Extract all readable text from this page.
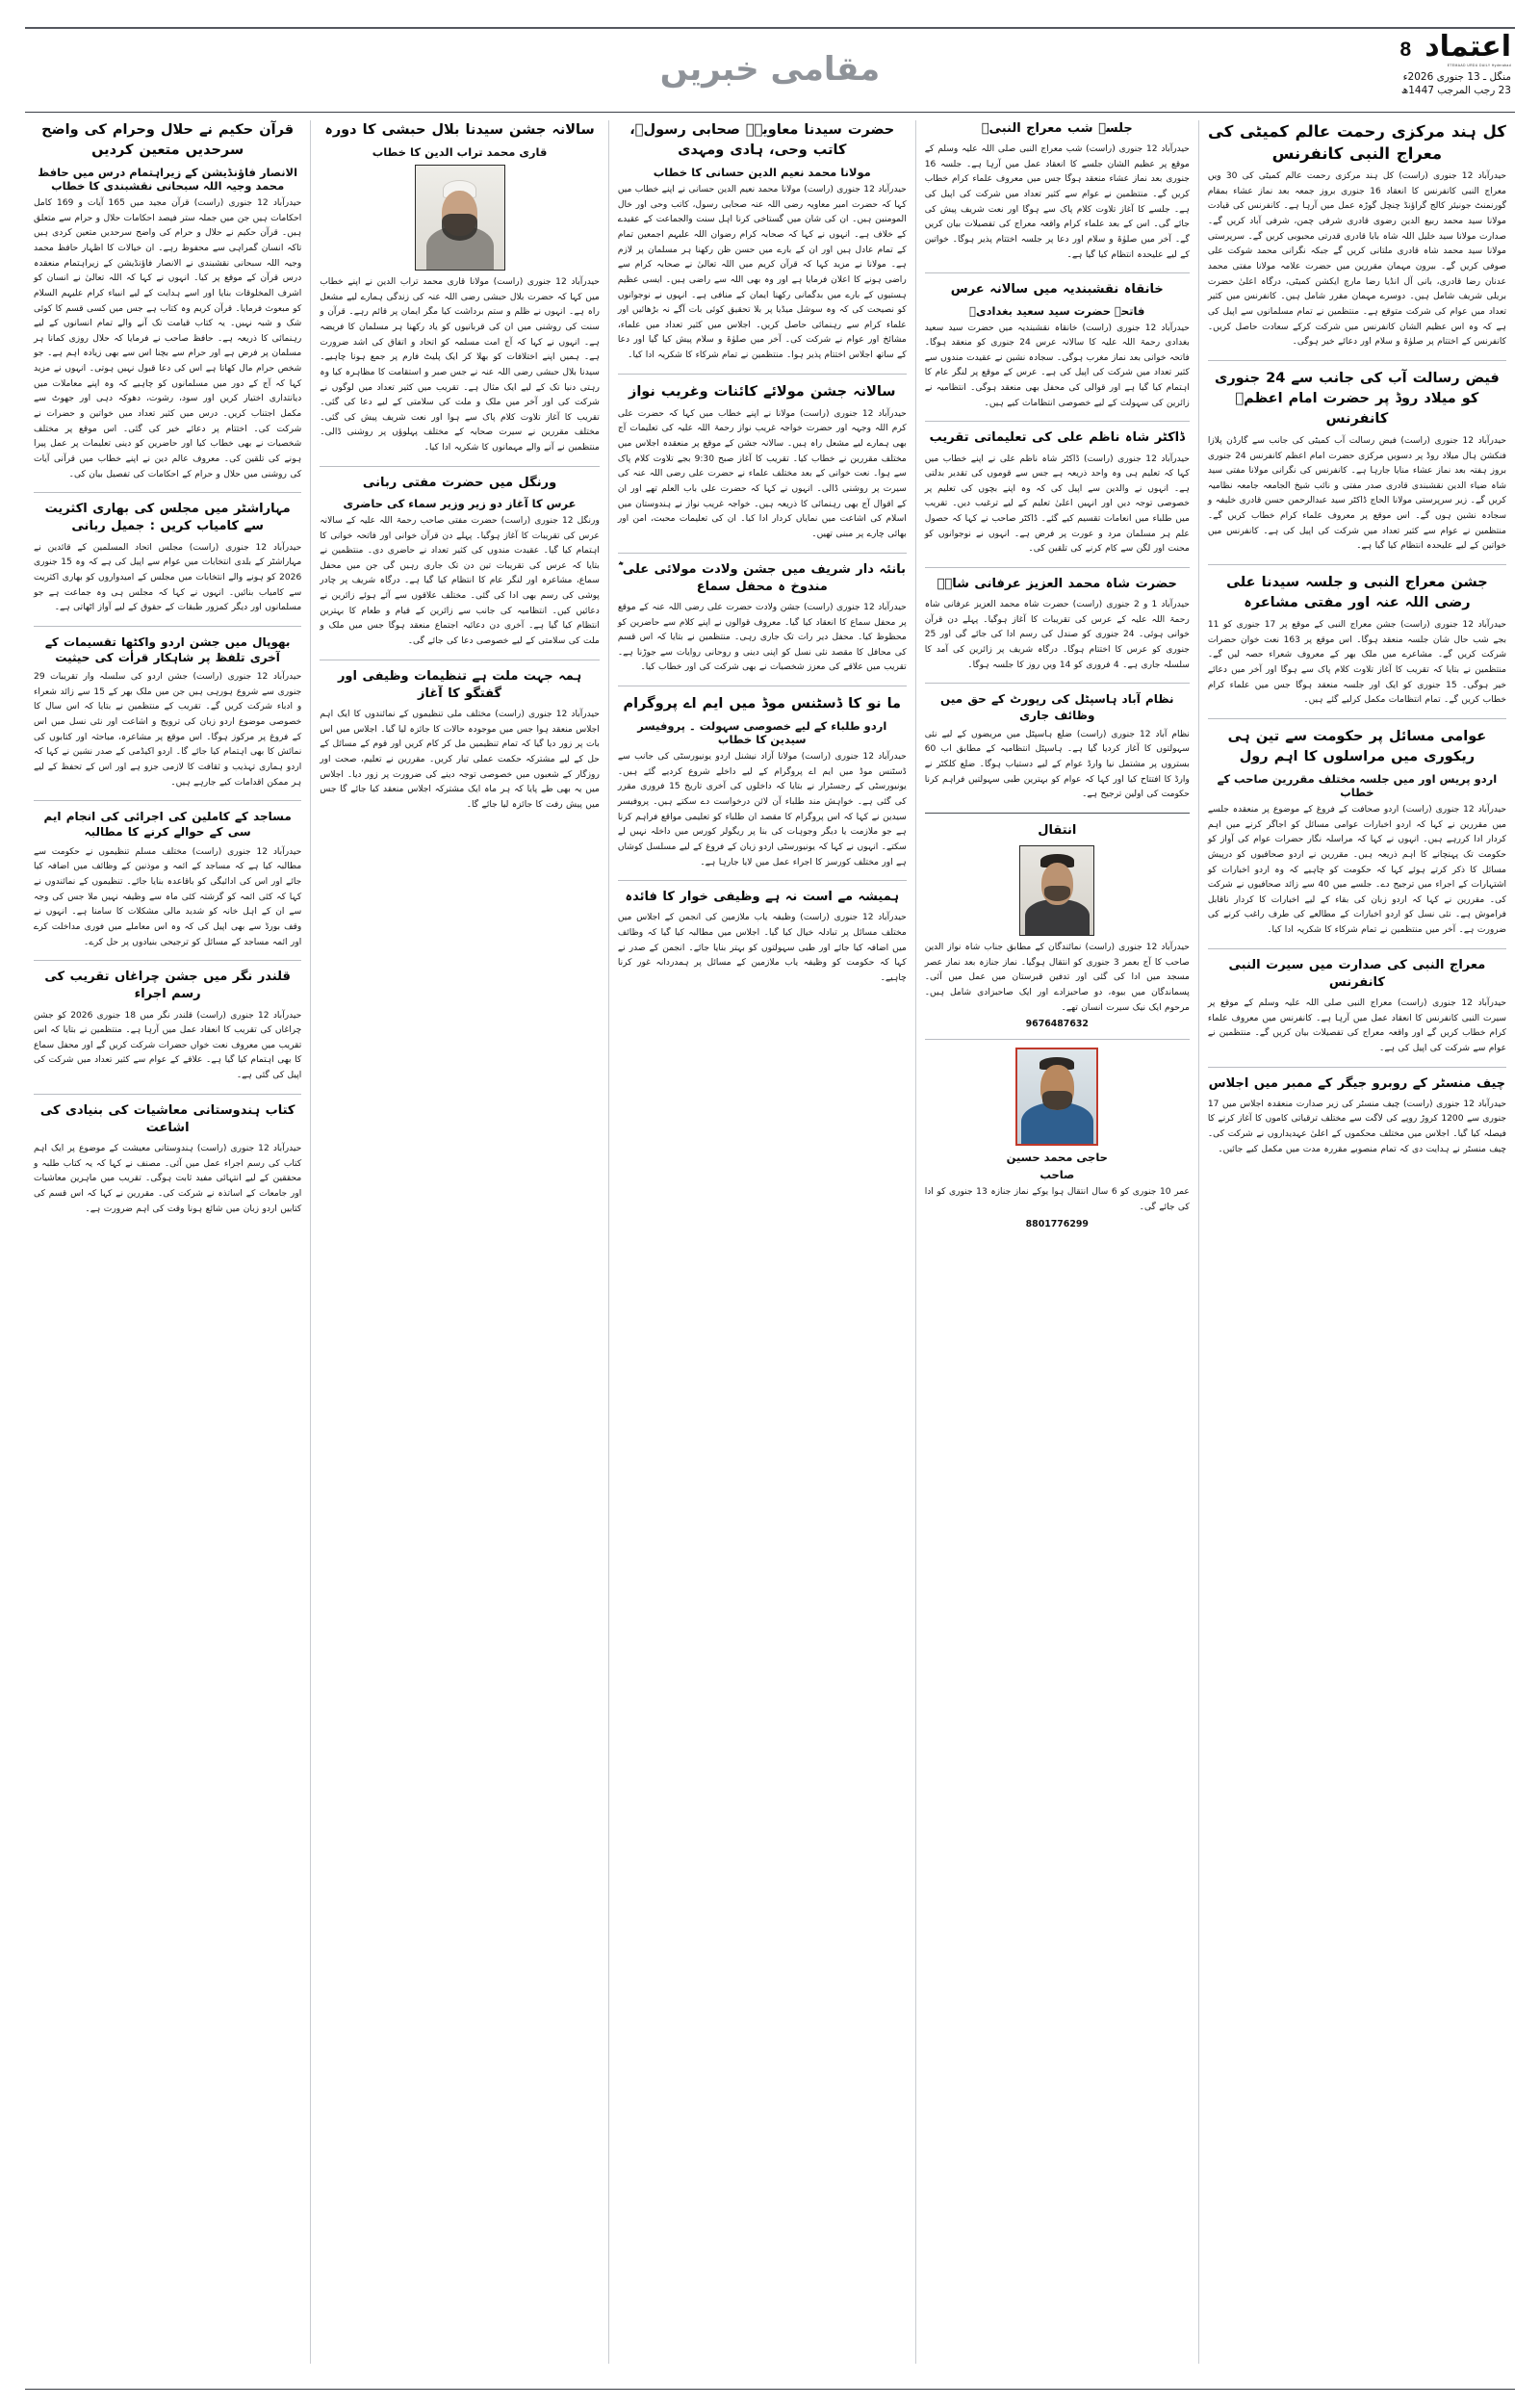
اعتماد
8
ETEMAAD URDU DAILY Hyderabad
منگل ـ 13 جنوری 2026ء
23 رجب المرجب 1447ھ
مقامی خبریں
کل ہند مرکزی رحمت عالم کمیٹی کی معراج النبی کانفرنس

حیدرآباد 12 جنوری (راست) کل ہند مرکزی رحمت عالم کمیٹی کی 30 ویں معراج النبی کانفرنس کا انعقاد 16 جنوری بروز جمعہ بعد نماز عشاء بمقام گورنمنٹ جونیئر کالج گراؤنڈ چنچل گوڑہ عمل میں آرہا ہے۔ کانفرنس کی قیادت مولانا سید محمد ربیع الدین رضوی قادری شرفی چمن، شرفی آباد کریں گے۔ صدارت مولانا سید خلیل اللہ شاہ بابا قادری قدرتی محبوبی کریں گے۔ سرپرستی مولانا سید محمد شاہ قادری ملتانی کریں گے جبکہ نگرانی محمد شوکت علی صوفی کریں گے۔ بیرون مہمان مقررین میں حضرت علامہ مولانا مفتی محمد عدنان رضا قادری، بانی آل انڈیا رضا مارچ ایکشن کمیٹی، درگاہ اعلیٰ حضرت بریلی شریف شامل ہیں۔ دوسرے مہمان مقرر شامل ہیں۔ کانفرنس میں کثیر تعداد میں عوام کی شرکت متوقع ہے۔ منتظمین نے تمام مسلمانوں سے اپیل کی ہے کہ وہ اس عظیم الشان کانفرنس میں شرکت کرکے سعادت حاصل کریں۔ کانفرنس کے اختتام پر صلوٰۃ و سلام اور دعائے خیر ہوگی۔

فیض رسالت آب کی جانب سے 24 جنوری کو میلاد روڈ پر حضرت امام اعظمؒ کانفرنس

حیدرآباد 12 جنوری (راست) فیض رسالت آب کمیٹی کی جانب سے گارڈن پلازا فنکشن ہال میلاد روڈ پر دسویں مرکزی حضرت امام اعظم کانفرنس 24 جنوری بروز ہفتہ بعد نماز عشاء منایا جارہا ہے۔ کانفرنس کی نگرانی مولانا مفتی سید شاہ ضیاء الدین نقشبندی قادری صدر مفتی و نائب شیخ الجامعہ جامعہ نظامیہ کریں گے۔ زیر سرپرستی مولانا الحاج ڈاکٹر سید عبدالرحمن حسن قادری خلیفہ و سجادہ نشین ہوں گے۔ اس موقع پر معروف علماء کرام خطاب کریں گے۔ منتظمین نے عوام سے کثیر تعداد میں شرکت کی اپیل کی ہے۔ کانفرنس میں خواتین کے لیے علیحدہ انتظام کیا گیا ہے۔

جشن معراج النبی و جلسہ سیدنا علی رضی اللہ عنہ اور مفتی مشاعرہ

حیدرآباد 12 جنوری (راست) جشن معراج النبی کے موقع پر 17 جنوری کو 11 بجے شب حال شان جلسہ منعقد ہوگا۔ اس موقع پر 163 نعت خوان حضرات شرکت کریں گے۔ مشاعرے میں ملک بھر کے معروف شعراء حصہ لیں گے۔ منتظمین نے بتایا کہ تقریب کا آغاز تلاوت کلام پاک سے ہوگا اور آخر میں دعائے خیر ہوگی۔ 15 جنوری کو ایک اور جلسہ منعقد ہوگا جس میں علماء کرام خطاب کریں گے۔ تمام انتظامات مکمل کرلیے گئے ہیں۔

عوامی مسائل پر حکومت سے تین ہی ریکوری میں مراسلوں کا اہم رول
اردو پریس اور میں جلسہ مختلف مقررین صاحب کے خطاب

حیدرآباد 12 جنوری (راست) اردو صحافت کے فروغ کے موضوع پر منعقدہ جلسے میں مقررین نے کہا کہ اردو اخبارات عوامی مسائل کو اجاگر کرنے میں اہم کردار ادا کررہے ہیں۔ انہوں نے کہا کہ مراسلہ نگار حضرات عوام کی آواز کو حکومت تک پہنچانے کا اہم ذریعہ ہیں۔ مقررین نے اردو صحافیوں کو درپیش مسائل کا ذکر کرتے ہوئے کہا کہ حکومت کو چاہیے کہ وہ اردو اخبارات کو اشتہارات کے اجراء میں ترجیح دے۔ جلسے میں 40 سے زائد صحافیوں نے شرکت کی۔ مقررین نے کہا کہ اردو زبان کی بقاء کے لیے اخبارات کا کردار ناقابل فراموش ہے۔ نئی نسل کو اردو اخبارات کے مطالعے کی طرف راغب کرنے کی ضرورت ہے۔ آخر میں منتظمین نے تمام شرکاء کا شکریہ ادا کیا۔

معراج النبی کی صدارت میں سیرت النبی کانفرنس

حیدرآباد 12 جنوری (راست) معراج النبی صلی اللہ علیہ وسلم کے موقع پر سیرت النبی کانفرنس کا انعقاد عمل میں آرہا ہے۔ کانفرنس میں معروف علماء کرام خطاب کریں گے اور واقعہ معراج کی تفصیلات بیان کریں گے۔ منتظمین نے عوام سے شرکت کی اپیل کی ہے۔

چیف منسٹر کے روبرو جیگر کے ممبر میں اجلاس

حیدرآباد 12 جنوری (راست) چیف منسٹر کی زیر صدارت منعقدہ اجلاس میں 17 جنوری سے 1200 کروڑ روپے کی لاگت سے مختلف ترقیاتی کاموں کا آغاز کرنے کا فیصلہ کیا گیا۔ اجلاس میں مختلف محکموں کے اعلیٰ عہدیداروں نے شرکت کی۔ چیف منسٹر نے ہدایت دی کہ تمام منصوبے مقررہ مدت میں مکمل کیے جائیں۔

جلسہ شب معراج النبیؐ

حیدرآباد 12 جنوری (راست) شب معراج النبی صلی اللہ علیہ وسلم کے موقع پر عظیم الشان جلسے کا انعقاد عمل میں آرہا ہے۔ جلسہ 16 جنوری بعد نماز عشاء منعقد ہوگا جس میں معروف علماء کرام خطاب کریں گے۔ منتظمین نے عوام سے کثیر تعداد میں شرکت کی اپیل کی ہے۔ جلسے کا آغاز تلاوت کلام پاک سے ہوگا اور نعت شریف پیش کی جائے گی۔ اس کے بعد علماء کرام واقعہ معراج کی تفصیلات بیان کریں گے۔ آخر میں صلوٰۃ و سلام اور دعا پر جلسہ اختتام پذیر ہوگا۔ خواتین کے لیے علیحدہ انتظام کیا گیا ہے۔

خانقاہ نقشبندیہ میں سالانہ عرس
فاتحہ حضرت سید سعید بغدادیؒ

حیدرآباد 12 جنوری (راست) خانقاہ نقشبندیہ میں حضرت سید سعید بغدادی رحمۃ اللہ علیہ کا سالانہ عرس 24 جنوری کو منعقد ہوگا۔ فاتحہ خوانی بعد نماز مغرب ہوگی۔ سجادہ نشین نے عقیدت مندوں سے کثیر تعداد میں شرکت کی اپیل کی ہے۔ عرس کے موقع پر لنگر عام کا اہتمام کیا گیا ہے اور قوالی کی محفل بھی منعقد ہوگی۔ انتظامیہ نے زائرین کی سہولت کے لیے خصوصی انتظامات کیے ہیں۔

ڈاکٹر شاہ ناظم علی کی تعلیماتی تقریب

حیدرآباد 12 جنوری (راست) ڈاکٹر شاہ ناظم علی نے اپنے خطاب میں کہا کہ تعلیم ہی وہ واحد ذریعہ ہے جس سے قوموں کی تقدیر بدلتی ہے۔ انہوں نے والدین سے اپیل کی کہ وہ اپنے بچوں کی تعلیم پر خصوصی توجہ دیں اور انہیں اعلیٰ تعلیم کے لیے ترغیب دیں۔ تقریب میں طلباء میں انعامات تقسیم کیے گئے۔ ڈاکٹر صاحب نے کہا کہ حصول علم ہر مسلمان مرد و عورت پر فرض ہے۔ انہوں نے نوجوانوں کو محنت اور لگن سے کام کرنے کی تلقین کی۔

حضرت شاہ محمد العزیز عرفانی شاہؒ

حیدرآباد 1 و 2 جنوری (راست) حضرت شاہ محمد العزیز عرفانی شاہ رحمۃ اللہ علیہ کے عرس کی تقریبات کا آغاز ہوگیا۔ پہلے دن قرآن خوانی ہوئی۔ 24 جنوری کو صندل کی رسم ادا کی جائے گی اور 25 جنوری کو عرس کا اختتام ہوگا۔ درگاہ شریف پر زائرین کی آمد کا سلسلہ جاری ہے۔ 4 فروری کو 14 ویں روز کا جلسہ ہوگا۔

نظام آباد ہاسپٹل کی رپورٹ کے حق میں وظائف جاری

نظام آباد 12 جنوری (راست) ضلع ہاسپٹل میں مریضوں کے لیے نئی سہولتوں کا آغاز کردیا گیا ہے۔ ہاسپٹل انتظامیہ کے مطابق اب 60 بستروں پر مشتمل نیا وارڈ عوام کے لیے دستیاب ہوگا۔ ضلع کلکٹر نے وارڈ کا افتتاح کیا اور کہا کہ عوام کو بہترین طبی سہولتیں فراہم کرنا حکومت کی اولین ترجیح ہے۔

انتقال

حیدرآباد 12 جنوری (راست) نمائندگان کے مطابق جناب شاہ نواز الدین صاحب کا آج بعمر 3 جنوری کو انتقال ہوگیا۔ نماز جنازہ بعد نماز عصر مسجد میں ادا کی گئی اور تدفین قبرستان میں عمل میں آئی۔ پسماندگان میں بیوہ، دو صاحبزادے اور ایک صاحبزادی شامل ہیں۔ مرحوم ایک نیک سیرت انسان تھے۔

9676487632
حاجی محمد حسین
صاحب

عمر 10 جنوری کو 6 سال انتقال ہوا یوکے نماز جنازہ 13 جنوری کو ادا کی جائے گی۔

8801776299
حضرت سیدنا معاویہؓ صحابی رسولؐ، کاتب وحی، ہادی ومہدی
مولانا محمد نعیم الدین حسانی کا خطاب

حیدرآباد 12 جنوری (راست) مولانا محمد نعیم الدین حسانی نے اپنے خطاب میں کہا کہ حضرت امیر معاویہ رضی اللہ عنہ صحابی رسول، کاتب وحی اور خال المومنین ہیں۔ ان کی شان میں گستاخی کرنا اہل سنت والجماعت کے عقیدے کے خلاف ہے۔ انہوں نے کہا کہ صحابہ کرام رضوان اللہ علیہم اجمعین تمام کے تمام عادل ہیں اور ان کے بارے میں حسن ظن رکھنا ہر مسلمان پر لازم ہے۔ مولانا نے مزید کہا کہ قرآن کریم میں اللہ تعالیٰ نے صحابہ کرام سے راضی ہونے کا اعلان فرمایا ہے اور وہ بھی اللہ سے راضی ہیں۔ ایسی عظیم ہستیوں کے بارے میں بدگمانی رکھنا ایمان کے منافی ہے۔ انہوں نے نوجوانوں کو نصیحت کی کہ وہ سوشل میڈیا پر بلا تحقیق کوئی بات آگے نہ بڑھائیں اور علماء کرام سے رہنمائی حاصل کریں۔ اجلاس میں کثیر تعداد میں علماء، مشائخ اور عوام نے شرکت کی۔ آخر میں صلوٰۃ و سلام پیش کیا گیا اور دعا کے ساتھ اجلاس اختتام پذیر ہوا۔ منتظمین نے تمام شرکاء کا شکریہ ادا کیا۔

سالانہ جشن مولائے کائنات وغریب نواز

حیدرآباد 12 جنوری (راست) مولانا نے اپنے خطاب میں کہا کہ حضرت علی کرم اللہ وجہہ اور حضرت خواجہ غریب نواز رحمۃ اللہ علیہ کی تعلیمات آج بھی ہمارے لیے مشعل راہ ہیں۔ سالانہ جشن کے موقع پر منعقدہ اجلاس میں مختلف مقررین نے خطاب کیا۔ تقریب کا آغاز صبح 9:30 بجے تلاوت کلام پاک سے ہوا۔ نعت خوانی کے بعد مختلف علماء نے حضرت علی رضی اللہ عنہ کی سیرت پر روشنی ڈالی۔ انہوں نے کہا کہ حضرت علی باب العلم تھے اور ان کے اقوال آج بھی رہنمائی کا ذریعہ ہیں۔ خواجہ غریب نواز نے ہندوستان میں اسلام کی اشاعت میں نمایاں کردار ادا کیا۔ ان کی تعلیمات محبت، امن اور بھائی چارے پر مبنی تھیں۔

بانئہ دار شریف میں جشن ولادت مولائی علی ؓ مندوخ ہ محفل سماع

حیدرآباد 12 جنوری (راست) جشن ولادت حضرت علی رضی اللہ عنہ کے موقع پر محفل سماع کا انعقاد کیا گیا۔ معروف قوالوں نے اپنے کلام سے حاضرین کو محظوظ کیا۔ محفل دیر رات تک جاری رہی۔ منتظمین نے بتایا کہ اس قسم کی محافل کا مقصد نئی نسل کو اپنی دینی و روحانی روایات سے جوڑنا ہے۔ تقریب میں علاقے کی معزز شخصیات نے بھی شرکت کی اور خطاب کیا۔

ما نو کا ڈسٹنس موڈ میں ایم اے پروگرام
اردو طلباء کے لیے خصوصی سہولت ۔ پروفیسر سیدین کا خطاب

حیدرآباد 12 جنوری (راست) مولانا آزاد نیشنل اردو یونیورسٹی کی جانب سے ڈسٹنس موڈ میں ایم اے پروگرام کے لیے داخلے شروع کردیے گئے ہیں۔ یونیورسٹی کے رجسٹرار نے بتایا کہ داخلوں کی آخری تاریخ 15 فروری مقرر کی گئی ہے۔ خواہش مند طلباء آن لائن درخواست دے سکتے ہیں۔ پروفیسر سیدین نے کہا کہ اس پروگرام کا مقصد ان طلباء کو تعلیمی مواقع فراہم کرنا ہے جو ملازمت یا دیگر وجوہات کی بنا پر ریگولر کورس میں داخلہ نہیں لے سکتے۔ انہوں نے کہا کہ یونیورسٹی اردو زبان کے فروغ کے لیے مسلسل کوشاں ہے اور مختلف کورسز کا اجراء عمل میں لایا جارہا ہے۔

ہمیشہ مے است نہ ہے وظیفی خوار کا فائدہ

حیدرآباد 12 جنوری (راست) وظیفہ یاب ملازمین کی انجمن کے اجلاس میں مختلف مسائل پر تبادلہ خیال کیا گیا۔ اجلاس میں مطالبہ کیا گیا کہ وظائف میں اضافہ کیا جائے اور طبی سہولتوں کو بہتر بنایا جائے۔ انجمن کے صدر نے کہا کہ حکومت کو وظیفہ یاب ملازمین کے مسائل پر ہمدردانہ غور کرنا چاہیے۔

سالانہ جشن سیدنا بلال حبشی کا دورہ
قاری محمد تراب الدین کا خطاب

حیدرآباد 12 جنوری (راست) مولانا قاری محمد تراب الدین نے اپنے خطاب میں کہا کہ حضرت بلال حبشی رضی اللہ عنہ کی زندگی ہمارے لیے مشعل راہ ہے۔ انہوں نے ظلم و ستم برداشت کیا مگر ایمان پر قائم رہے۔ قرآن و سنت کی روشنی میں ان کی قربانیوں کو یاد رکھنا ہر مسلمان کا فریضہ ہے۔ انہوں نے کہا کہ آج امت مسلمہ کو اتحاد و اتفاق کی اشد ضرورت ہے۔ ہمیں اپنے اختلافات کو بھلا کر ایک پلیٹ فارم پر جمع ہونا چاہیے۔ سیدنا بلال حبشی رضی اللہ عنہ نے جس صبر و استقامت کا مظاہرہ کیا وہ رہتی دنیا تک کے لیے ایک مثال ہے۔ تقریب میں کثیر تعداد میں لوگوں نے شرکت کی اور آخر میں ملک و ملت کی سلامتی کے لیے دعا کی گئی۔ تقریب کا آغاز تلاوت کلام پاک سے ہوا اور نعت شریف پیش کی گئی۔ مختلف مقررین نے سیرت صحابہ کے مختلف پہلوؤں پر روشنی ڈالی۔ منتظمین نے آنے والے مہمانوں کا شکریہ ادا کیا۔

ورنگل میں حضرت مفتی ربانی
عرس کا آغاز دو زیر وزیر سماء کی حاضری

ورنگل 12 جنوری (راست) حضرت مفتی صاحب رحمۃ اللہ علیہ کے سالانہ عرس کی تقریبات کا آغاز ہوگیا۔ پہلے دن قرآن خوانی اور فاتحہ خوانی کا اہتمام کیا گیا۔ عقیدت مندوں کی کثیر تعداد نے حاضری دی۔ منتظمین نے بتایا کہ عرس کی تقریبات تین دن تک جاری رہیں گی جن میں محفل سماع، مشاعرہ اور لنگر عام کا انتظام کیا گیا ہے۔ درگاہ شریف پر چادر پوشی کی رسم بھی ادا کی گئی۔ مختلف علاقوں سے آئے ہوئے زائرین نے دعائیں کیں۔ انتظامیہ کی جانب سے زائرین کے قیام و طعام کا بہترین انتظام کیا گیا ہے۔ آخری دن دعائیہ اجتماع منعقد ہوگا جس میں ملک و ملت کی سلامتی کے لیے خصوصی دعا کی جائے گی۔

ہمہ جہت ملت ہے تنظیمات وظیفی اور گفتگو کا آغاز

حیدرآباد 12 جنوری (راست) مختلف ملی تنظیموں کے نمائندوں کا ایک اہم اجلاس منعقد ہوا جس میں موجودہ حالات کا جائزہ لیا گیا۔ اجلاس میں اس بات پر زور دیا گیا کہ تمام تنظیمیں مل کر کام کریں اور قوم کے مسائل کے حل کے لیے مشترکہ حکمت عملی تیار کریں۔ مقررین نے تعلیم، صحت اور روزگار کے شعبوں میں خصوصی توجہ دینے کی ضرورت پر زور دیا۔ اجلاس میں یہ بھی طے پایا کہ ہر ماہ ایک مشترکہ اجلاس منعقد کیا جائے گا جس میں پیش رفت کا جائزہ لیا جائے گا۔

قرآن حکیم نے حلال وحرام کی واضح سرحدیں متعین کردیں
الانصار فاؤنڈیشن کے زیراہتمام درس میں حافظ محمد وجیہ اللہ سبحانی نقشبندی کا خطاب

حیدرآباد 12 جنوری (راست) قرآن مجید میں 165 آیات و 169 کامل احکامات ہیں جن میں جملہ ستر فیصد احکامات حلال و حرام سے متعلق ہیں۔ قرآن حکیم نے حلال و حرام کی واضح سرحدیں متعین کردی ہیں تاکہ انسان گمراہی سے محفوظ رہے۔ ان خیالات کا اظہار حافظ محمد وجیہ اللہ سبحانی نقشبندی نے الانصار فاؤنڈیشن کے زیراہتمام منعقدہ درس قرآن کے موقع پر کیا۔ انہوں نے کہا کہ اللہ تعالیٰ نے انسان کو اشرف المخلوقات بنایا اور اسے ہدایت کے لیے انبیاء کرام علیہم السلام کو مبعوث فرمایا۔ قرآن کریم وہ کتاب ہے جس میں کسی قسم کا کوئی شک و شبہ نہیں۔ یہ کتاب قیامت تک آنے والے تمام انسانوں کے لیے رہنمائی کا ذریعہ ہے۔ حافظ صاحب نے فرمایا کہ حلال روزی کمانا ہر مسلمان پر فرض ہے اور حرام سے بچنا اس سے بھی زیادہ اہم ہے۔ جو شخص حرام مال کھاتا ہے اس کی دعا قبول نہیں ہوتی۔ انہوں نے مزید کہا کہ آج کے دور میں مسلمانوں کو چاہیے کہ وہ اپنے معاملات میں دیانتداری اختیار کریں اور سود، رشوت، دھوکہ دہی اور جھوٹ سے مکمل اجتناب کریں۔ درس میں کثیر تعداد میں خواتین و حضرات نے شرکت کی۔ اختتام پر دعائے خیر کی گئی۔ اس موقع پر مختلف شخصیات نے بھی خطاب کیا اور حاضرین کو دینی تعلیمات پر عمل پیرا ہونے کی تلقین کی۔ معروف عالم دین نے اپنے خطاب میں قرآنی آیات کی روشنی میں حلال و حرام کے احکامات کی تفصیل بیان کی۔

مہاراشٹر میں مجلس کی بھاری اکثریت سے کامیاب کریں : جمیل ربانی

حیدرآباد 12 جنوری (راست) مجلس اتحاد المسلمین کے قائدین نے مہاراشٹر کے بلدی انتخابات میں عوام سے اپیل کی ہے کہ وہ 15 جنوری 2026 کو ہونے والے انتخابات میں مجلس کے امیدواروں کو بھاری اکثریت سے کامیاب بنائیں۔ انہوں نے کہا کہ مجلس ہی وہ جماعت ہے جو مسلمانوں اور دیگر کمزور طبقات کے حقوق کے لیے آواز اٹھاتی ہے۔

بھوپال میں جشن اردو واکٹھا تقسیمات کے آخری تلفظ پر شاہکار قرأت کی حیثیت

حیدرآباد 12 جنوری (راست) جشن اردو کی سلسلہ وار تقریبات 29 جنوری سے شروع ہورہی ہیں جن میں ملک بھر کے 15 سے زائد شعراء و ادباء شرکت کریں گے۔ تقریب کے منتظمین نے بتایا کہ اس سال کا خصوصی موضوع اردو زبان کی ترویج و اشاعت اور نئی نسل میں اس کے فروغ پر مرکوز ہوگا۔ اس موقع پر مشاعرہ، مباحثہ اور کتابوں کی نمائش کا بھی اہتمام کیا جائے گا۔ اردو اکیڈمی کے صدر نشین نے کہا کہ اردو ہماری تہذیب و ثقافت کا لازمی جزو ہے اور اس کے تحفظ کے لیے ہر ممکن اقدامات کیے جارہے ہیں۔

مساجد کے کاملین کی اجرائی کی انجام ایم سی کے حوالے کرنے کا مطالبہ

حیدرآباد 12 جنوری (راست) مختلف مسلم تنظیموں نے حکومت سے مطالبہ کیا ہے کہ مساجد کے ائمہ و موذنین کے وظائف میں اضافہ کیا جائے اور اس کی ادائیگی کو باقاعدہ بنایا جائے۔ تنظیموں کے نمائندوں نے کہا کہ کئی ائمہ کو گزشتہ کئی ماہ سے وظیفہ نہیں ملا جس کی وجہ سے ان کے اہل خانہ کو شدید مالی مشکلات کا سامنا ہے۔ انہوں نے وقف بورڈ سے بھی اپیل کی کہ وہ اس معاملے میں فوری مداخلت کرے اور ائمہ مساجد کے مسائل کو ترجیحی بنیادوں پر حل کرے۔

قلندر نگر میں جشن چراغاں تقریب کی رسم اجراء

حیدرآباد 12 جنوری (راست) قلندر نگر میں 18 جنوری 2026 کو جشن چراغاں کی تقریب کا انعقاد عمل میں آرہا ہے۔ منتظمین نے بتایا کہ اس تقریب میں معروف نعت خواں حضرات شرکت کریں گے اور محفل سماع کا بھی اہتمام کیا گیا ہے۔ علاقے کے عوام سے کثیر تعداد میں شرکت کی اپیل کی گئی ہے۔

کتاب ہندوستانی معاشیات کی بنیادی کی اشاعت

حیدرآباد 12 جنوری (راست) ہندوستانی معیشت کے موضوع پر ایک اہم کتاب کی رسم اجراء عمل میں آئی۔ مصنف نے کہا کہ یہ کتاب طلبہ و محققین کے لیے انتہائی مفید ثابت ہوگی۔ تقریب میں ماہرین معاشیات اور جامعات کے اساتذہ نے شرکت کی۔ مقررین نے کہا کہ اس قسم کی کتابیں اردو زبان میں شائع ہونا وقت کی اہم ضرورت ہے۔
